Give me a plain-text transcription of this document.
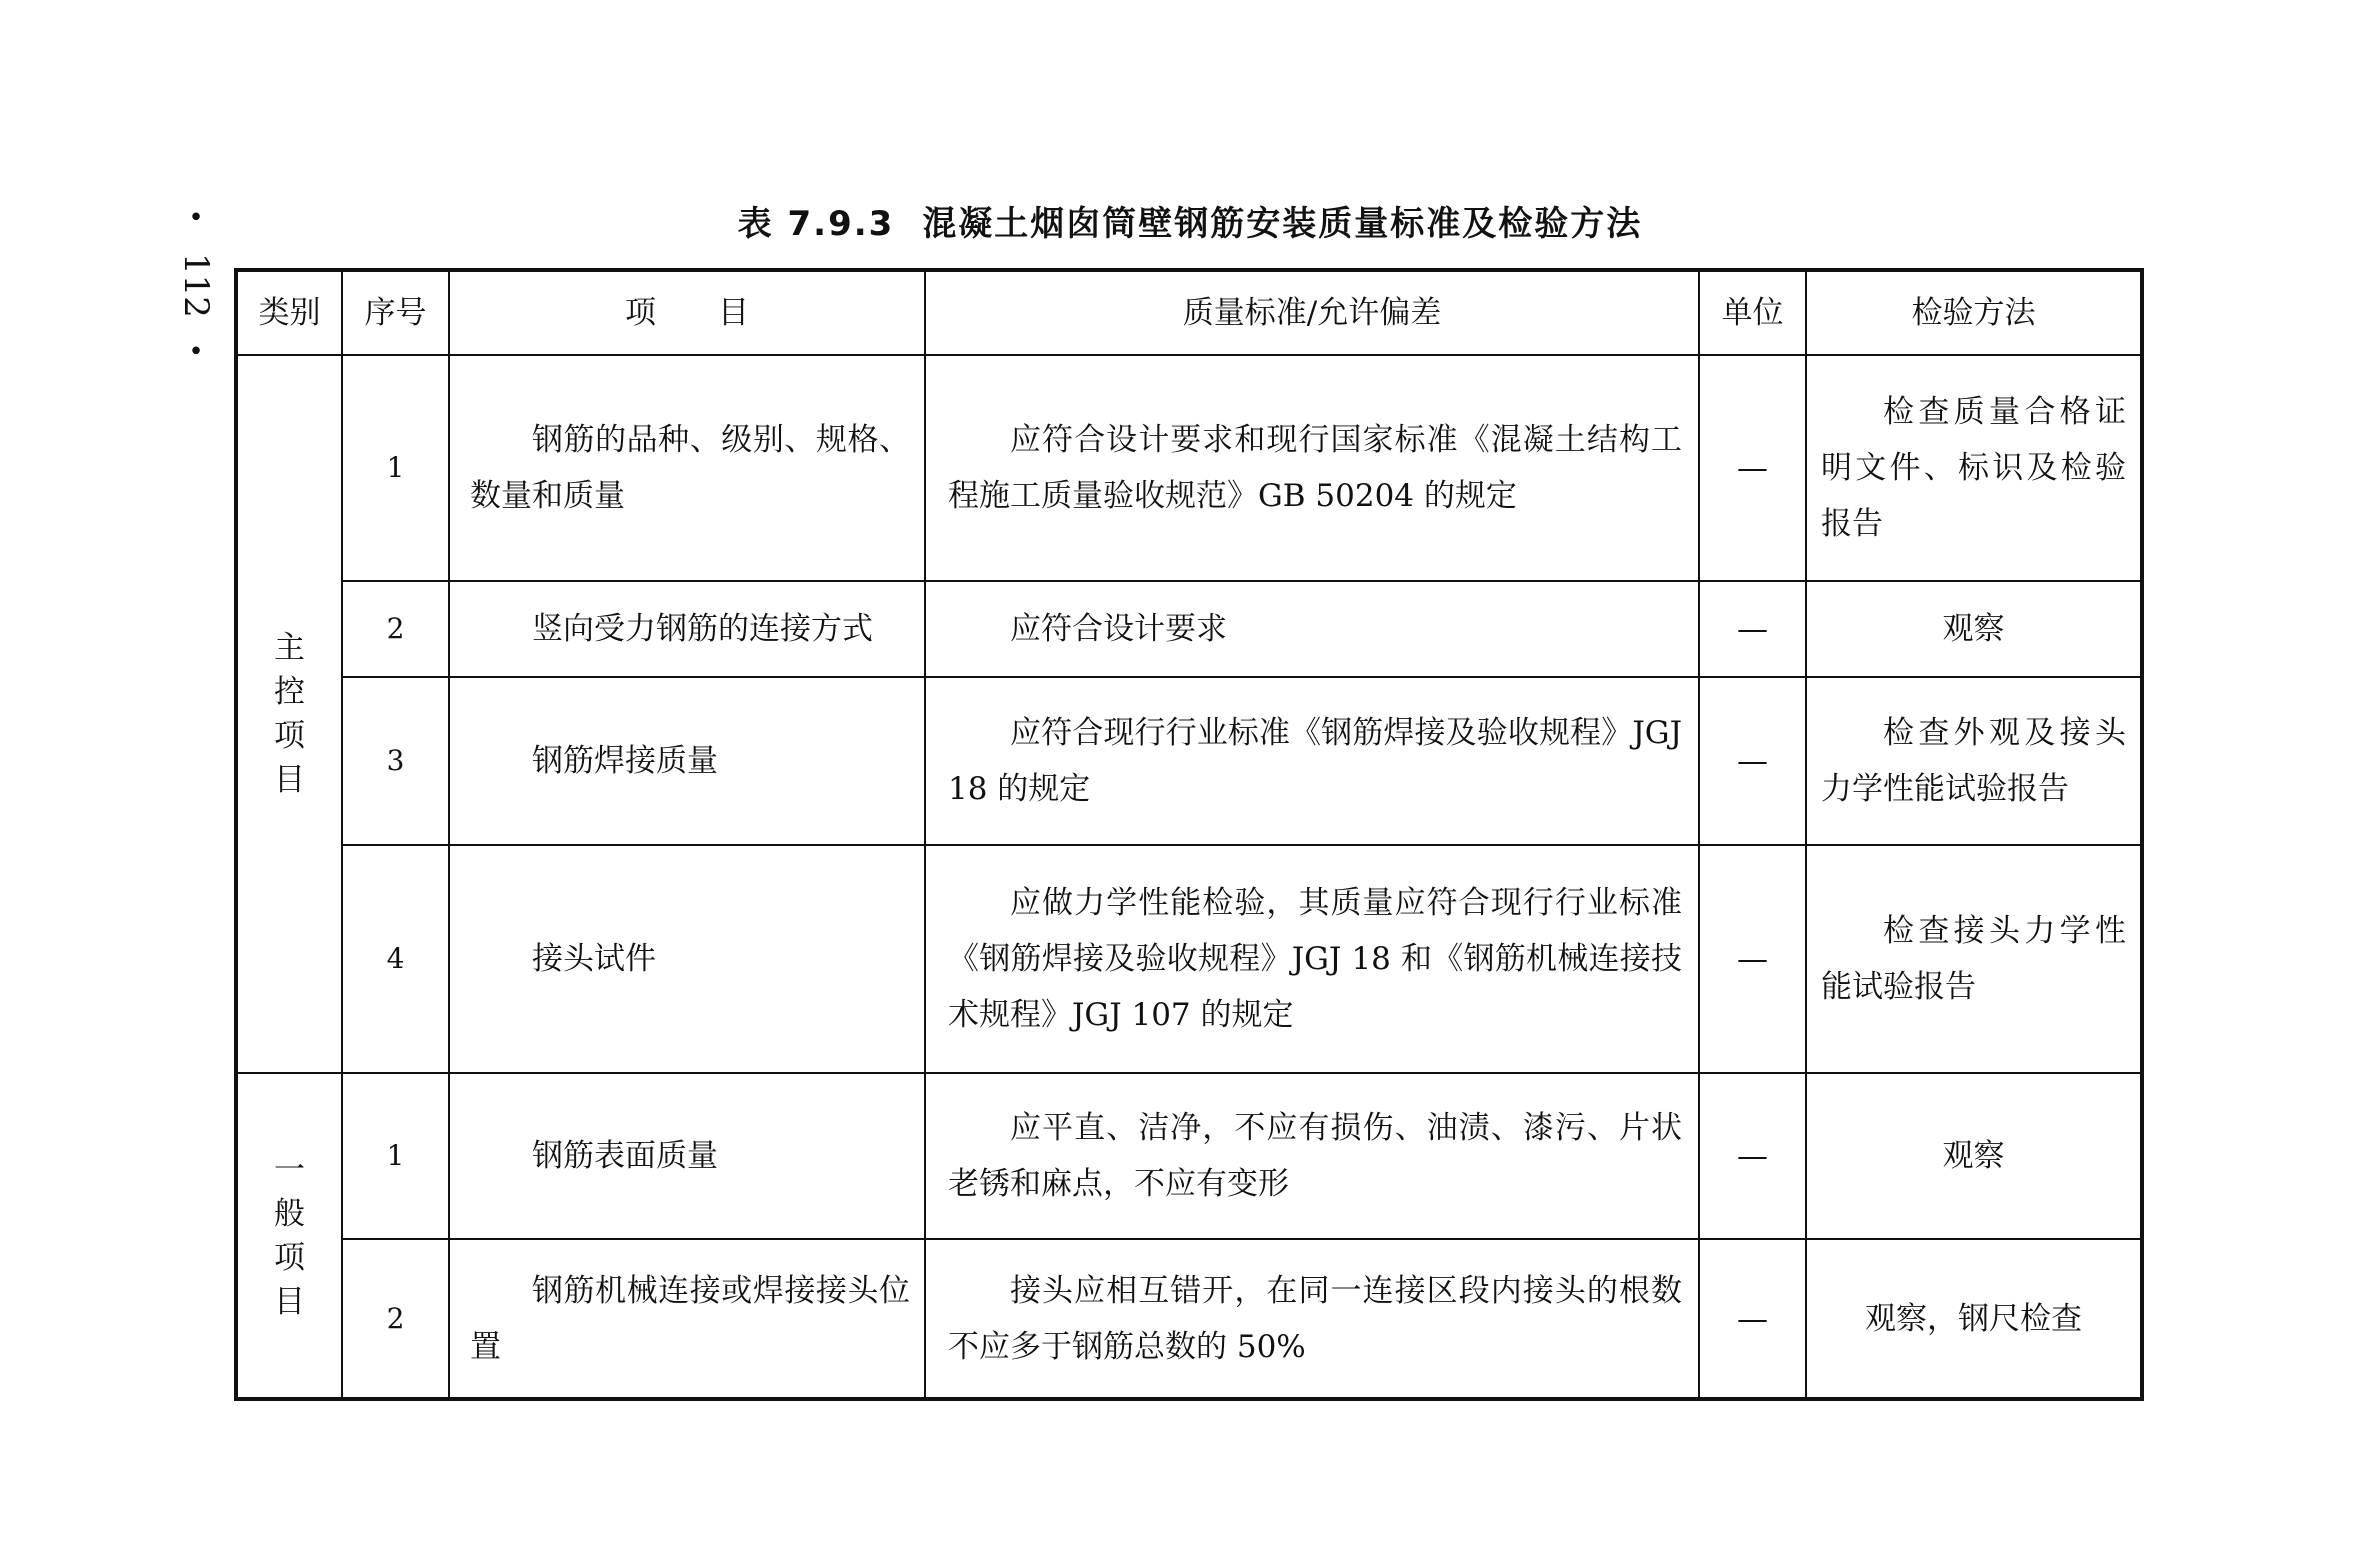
•
112
•
表 7.9.3 混凝土烟囱筒壁钢筋安装质量标准及检验方法
类别	序号	项　　目	质量标准/允许偏差	单位	检验方法
主控项目	1	钢筋的品种、级别、规格、数量和质量	应符合设计要求和现行国家标准《混凝土结构工程施工质量验收规范》GB 50204 的规定	—	检查质量合格证明文件、标识及检验报告

	2	竖向受力钢筋的连接方式	应符合设计要求	—	观察
	3	钢筋焊接质量	应符合现行行业标准《钢筋焊接及验收规程》JGJ 18 的规定	—	检查外观及接头力学性能试验报告

	4	接头试件	应做力学性能检验，其质量应符合现行行业标准《钢筋焊接及验收规程》JGJ 18 和《钢筋机械连接技术规程》JGJ 107 的规定	—	检查接头力学性能试验报告

一般项目	1	钢筋表面质量	应平直、洁净，不应有损伤、油渍、漆污、片状老锈和麻点，不应有变形	—	观察
	2	钢筋机械连接或焊接接头位置	接头应相互错开，在同一连接区段内接头的根数不应多于钢筋总数的 50%	—	观察，钢尺检查
